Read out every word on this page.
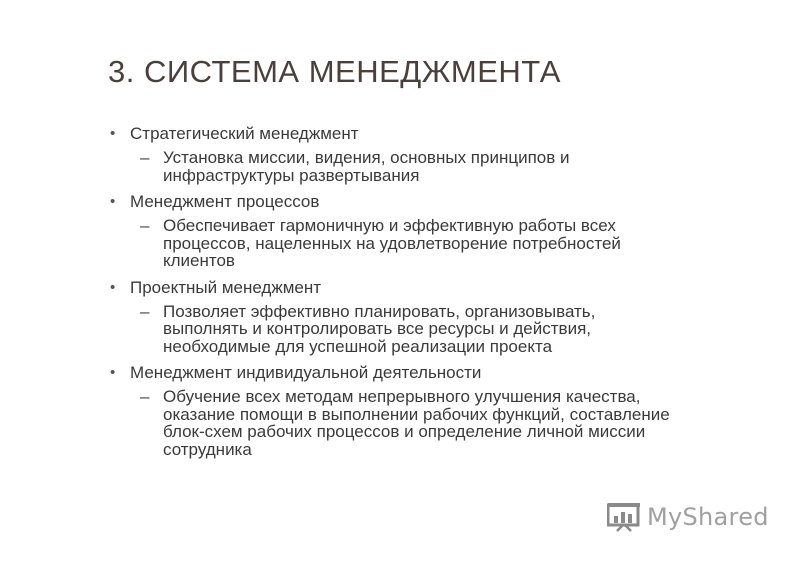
3. СИСТЕМА МЕНЕДЖМЕНТА
• Стратегический менеджмент
– Установка миссии, видения, основных принципов и
инфраструктуры развертывания
• Менеджмент процессов
– Обеспечивает гармоничную и эффективную работы всех
процессов, нацеленных на удовлетворение потребностей
клиентов
• Проектный менеджмент
– Позволяет эффективно планировать, организовывать,
выполнять и контролировать все ресурсы и действия,
необходимые для успешной реализации проекта
• Менеджмент индивидуальной деятельности
– Обучение всех методам непрерывного улучшения качества,
оказание помощи в выполнении рабочих функций, составление
блок-схем рабочих процессов и определение личной миссии
сотрудника
MyShared
